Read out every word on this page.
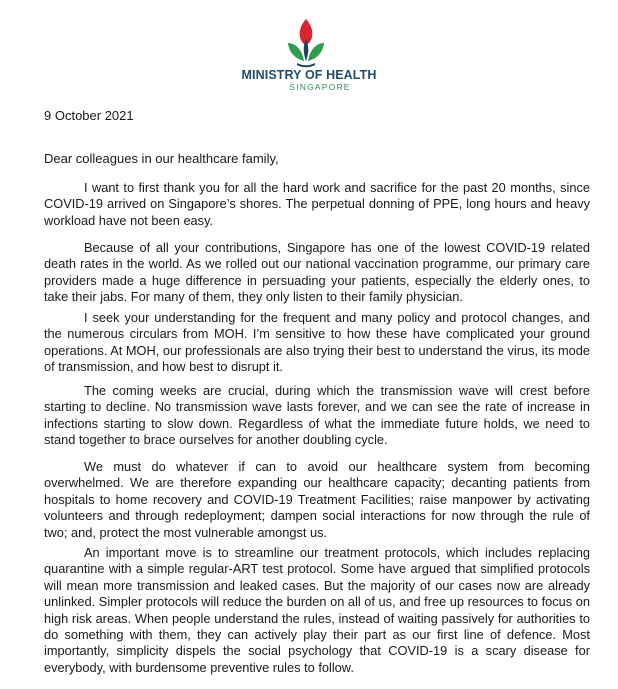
MINISTRY OF HEALTH
SINGAPORE
9 October 2021
Dear colleagues in our healthcare family,

I want to first thank you for all the hard work and sacrifice for the past 20 months, since COVID-19 arrived on Singapore’s shores. The perpetual donning of PPE, long hours and heavy workload have not been easy.

Because of all your contributions, Singapore has one of the lowest COVID-19 related death rates in the world. As we rolled out our national vaccination programme, our primary care providers made a huge difference in persuading your patients, especially the elderly ones, to take their jabs. For many of them, they only listen to their family physician.

I seek your understanding for the frequent and many policy and protocol changes, and the numerous circulars from MOH. I’m sensitive to how these have complicated your ground operations. At MOH, our professionals are also trying their best to understand the virus, its mode of transmission, and how best to disrupt it.

The coming weeks are crucial, during which the transmission wave will crest before starting to decline. No transmission wave lasts forever, and we can see the rate of increase in infections starting to slow down. Regardless of what the immediate future holds, we need to stand together to brace ourselves for another doubling cycle.

We must do whatever if can to avoid our healthcare system from becoming overwhelmed. We are therefore expanding our healthcare capacity; decanting patients from hospitals to home recovery and COVID-19 Treatment Facilities; raise manpower by activating volunteers and through redeployment; dampen social interactions for now through the rule of two; and, protect the most vulnerable amongst us.

An important move is to streamline our treatment protocols, which includes replacing quarantine with a simple regular-ART test protocol. Some have argued that simplified protocols will mean more transmission and leaked cases. But the majority of our cases now are already unlinked. Simpler protocols will reduce the burden on all of us, and free up resources to focus on high risk areas. When people understand the rules, instead of waiting passively for authorities to do something with them, they can actively play their part as our first line of defence. Most importantly, simplicity dispels the social psychology that COVID-19 is a scary disease for everybody, with burdensome preventive rules to follow.
